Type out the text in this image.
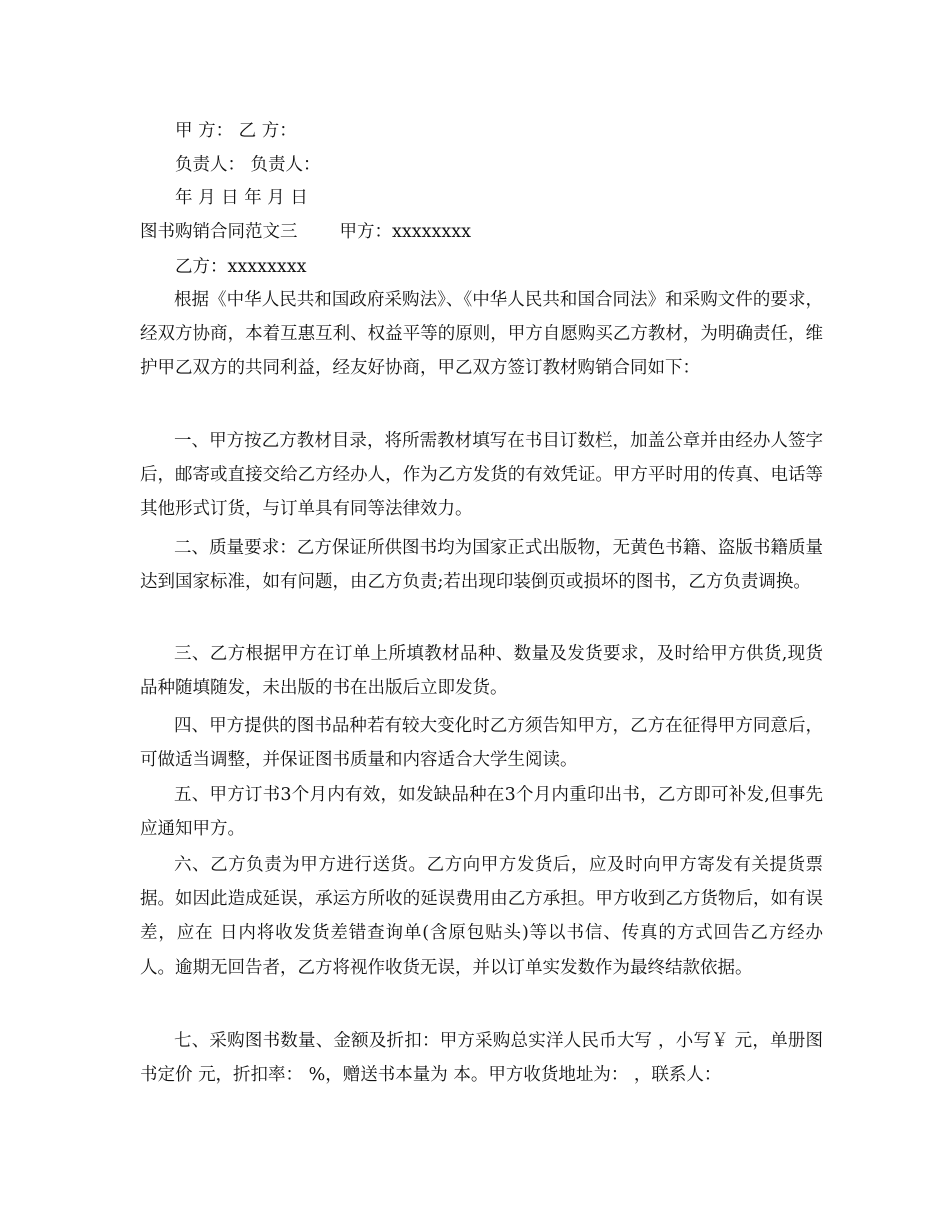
甲 方： 乙 方：
负责人： 负责人：
年 月 日 年 月 日
图书购销合同范文三 甲方：xxxxxxxx
乙方：xxxxxxxx

根据《中华人民共和国政府采购法》、《中华人民共和国合同法》和采购文件的要求，经双方协商，本着互惠互利、权益平等的原则，甲方自愿购买乙方教材，为明确责任，维护甲乙双方的共同利益，经友好协商，甲乙双方签订教材购销合同如下：

一、甲方按乙方教材目录，将所需教材填写在书目订数栏，加盖公章并由经办人签字后，邮寄或直接交给乙方经办人，作为乙方发货的有效凭证。甲方平时用的传真、电话等其他形式订货，与订单具有同等法律效力。

二、质量要求：乙方保证所供图书均为国家正式出版物，无黄色书籍、盗版书籍质量达到国家标准，如有问题，由乙方负责;若出现印装倒页或损坏的图书，乙方负责调换。

三、乙方根据甲方在订单上所填教材品种、数量及发货要求，及时给甲方供货,现货品种随填随发，未出版的书在出版后立即发货。

四、甲方提供的图书品种若有较大变化时乙方须告知甲方，乙方在征得甲方同意后，可做适当调整，并保证图书质量和内容适合大学生阅读。

五、甲方订书3个月内有效，如发缺品种在3个月内重印出书，乙方即可补发,但事先应通知甲方。

六、乙方负责为甲方进行送货。乙方向甲方发货后，应及时向甲方寄发有关提货票据。如因此造成延误，承运方所收的延误费用由乙方承担。甲方收到乙方货物后，如有误差，应在 日内将收发货差错查询单(含原包贴头)等以书信、传真的方式回告乙方经办人。逾期无回告者，乙方将视作收货无误，并以订单实发数作为最终结款依据。

七、采购图书数量、金额及折扣：甲方采购总实洋人民币大写 ，小写￥ 元，单册图书定价 元，折扣率： %，赠送书本量为 本。甲方收货地址为： ，联系人：
